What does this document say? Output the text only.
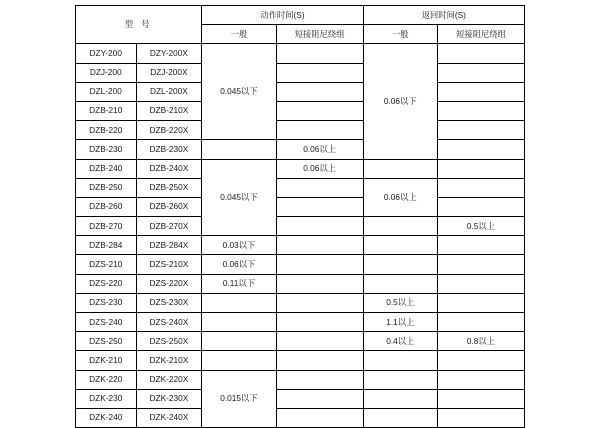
型 号		动作时间(S)		返回时间(S)	
		一般	短接阻尼绕组	一般	短接阻尼绕组
DZY-200	DZY-200X	0.045以下		0.06以下	
DZJ-200	DZJ-200X				
DZL-200	DZL-200X				
DZB-210	DZB-210X				
DZB-220	DZB-220X				
DZB-230	DZB-230X		0.06以上		
DZB-240	DZB-240X	0.045以下	0.06以上		
DZB-250	DZB-250X			0.06以上	
DZB-260	DZB-260X				
DZB-270	DZB-270X				0.5以上
DZB-284	DZB-284X	0.03以下			
DZS-210	DZS-210X	0.06以下			
DZS-220	DZS-220X	0.11以下			
DZS-230	DZS-230X			0.5以上	
DZS-240	DZS-240X			1.1以上	
DZS-250	DZS-250X			0.4以上	0.8以上
DZK-210	DZK-210X				
DZK-220	DZK-220X	0.015以下			
DZK-230	DZK-230X				
DZK-240	DZK-240X				
